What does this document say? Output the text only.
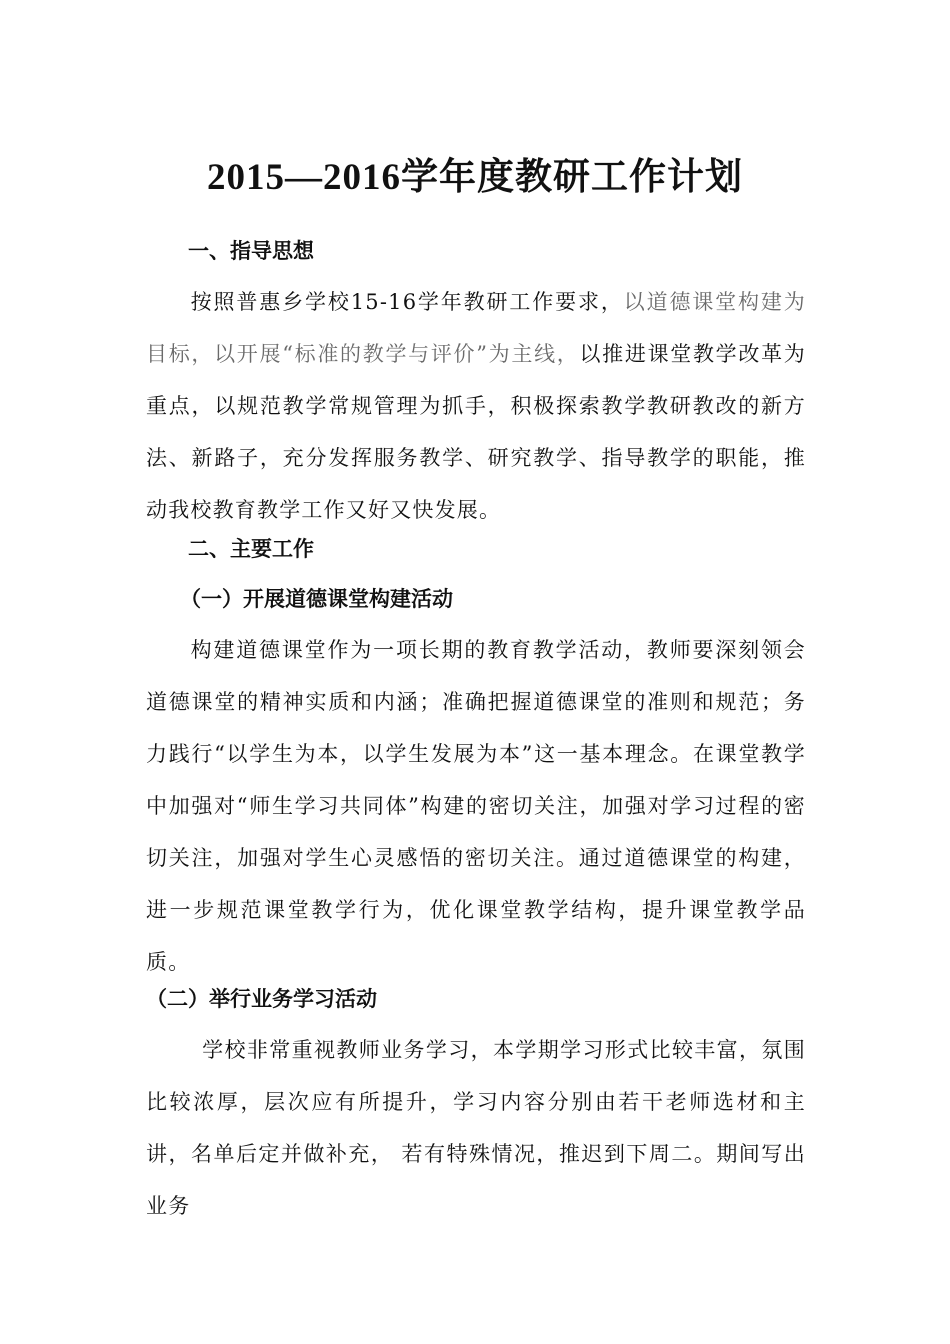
2015—2016学年度教研工作计划
一、指导思想
按照普惠乡学校15-16学年教研工作要求，以道德课堂构建为目标，以开展“标准的教学与评价”为主线，以推进课堂教学改革为重点，以规范教学常规管理为抓手，积极探索教学教研教改的新方法、新路子，充分发挥服务教学、研究教学、指导教学的职能，推动我校教育教学工作又好又快发展。
二、主要工作
（一）开展道德课堂构建活动
构建道德课堂作为一项长期的教育教学活动，教师要深刻领会道德课堂的精神实质和内涵；准确把握道德课堂的准则和规范；务力践行“以学生为本，以学生发展为本”这一基本理念。在课堂教学中加强对“师生学习共同体”构建的密切关注，加强对学习过程的密切关注，加强对学生心灵感悟的密切关注。通过道德课堂的构建，进一步规范课堂教学行为，优化课堂教学结构，提升课堂教学品质。
（二）举行业务学习活动
学校非常重视教师业务学习，本学期学习形式比较丰富，氛围比较浓厚，层次应有所提升，学习内容分别由若干老师选材和主讲，名单后定并做补充， 若有特殊情况，推迟到下周二。期间写出业务
